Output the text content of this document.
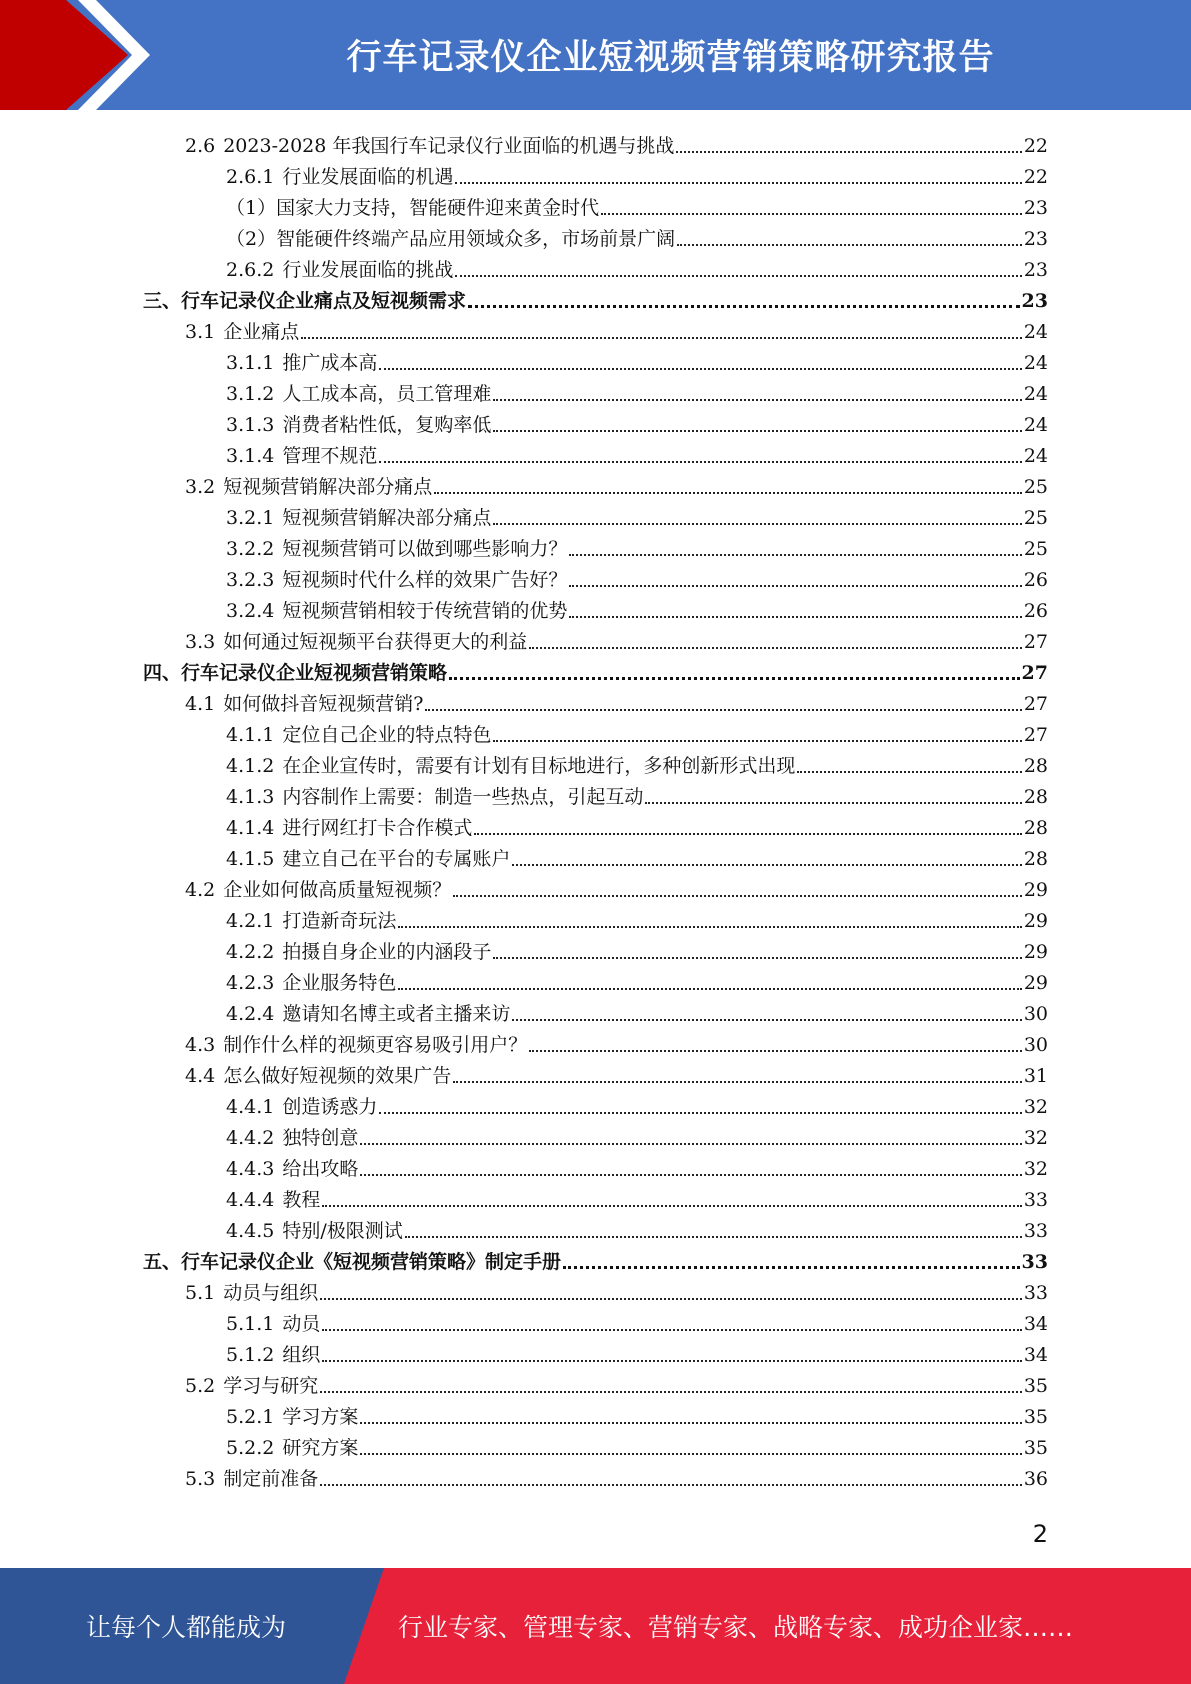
行车记录仪企业短视频营销策略研究报告
2.6 2023-2028 年我国行车记录仪行业面临的机遇与挑战	22
2.6.1 行业发展面临的机遇	22
（1）国家大力支持，智能硬件迎来黄金时代	23
（2）智能硬件终端产品应用领域众多，市场前景广阔	23
2.6.2 行业发展面临的挑战	23
三、行车记录仪企业痛点及短视频需求	23
3.1 企业痛点	24
3.1.1 推广成本高	24
3.1.2 人工成本高，员工管理难	24
3.1.3 消费者粘性低，复购率低	24
3.1.4 管理不规范	24
3.2 短视频营销解决部分痛点	25
3.2.1 短视频营销解决部分痛点	25
3.2.2 短视频营销可以做到哪些影响力？	25
3.2.3 短视频时代什么样的效果广告好？	26
3.2.4 短视频营销相较于传统营销的优势	26
3.3 如何通过短视频平台获得更大的利益	27
四、行车记录仪企业短视频营销策略	27
4.1 如何做抖音短视频营销?	27
4.1.1 定位自己企业的特点特色	27
4.1.2 在企业宣传时，需要有计划有目标地进行，多种创新形式出现	28
4.1.3 内容制作上需要：制造一些热点，引起互动	28
4.1.4 进行网红打卡合作模式	28
4.1.5 建立自己在平台的专属账户	28
4.2 企业如何做高质量短视频？	29
4.2.1 打造新奇玩法	29
4.2.2 拍摄自身企业的内涵段子	29
4.2.3 企业服务特色	29
4.2.4 邀请知名博主或者主播来访	30
4.3 制作什么样的视频更容易吸引用户？	30
4.4 怎么做好短视频的效果广告	31
4.4.1 创造诱惑力	32
4.4.2 独特创意	32
4.4.3 给出攻略	32
4.4.4 教程	33
4.4.5 特别/极限测试	33
五、行车记录仪企业《短视频营销策略》制定手册	33
5.1 动员与组织	33
5.1.1 动员	34
5.1.2 组织	34
5.2 学习与研究	35
5.2.1 学习方案	35
5.2.2 研究方案	35
5.3 制定前准备	36
2
让每个人都能成为	行业专家、管理专家、营销专家、战略专家、成功企业家……
